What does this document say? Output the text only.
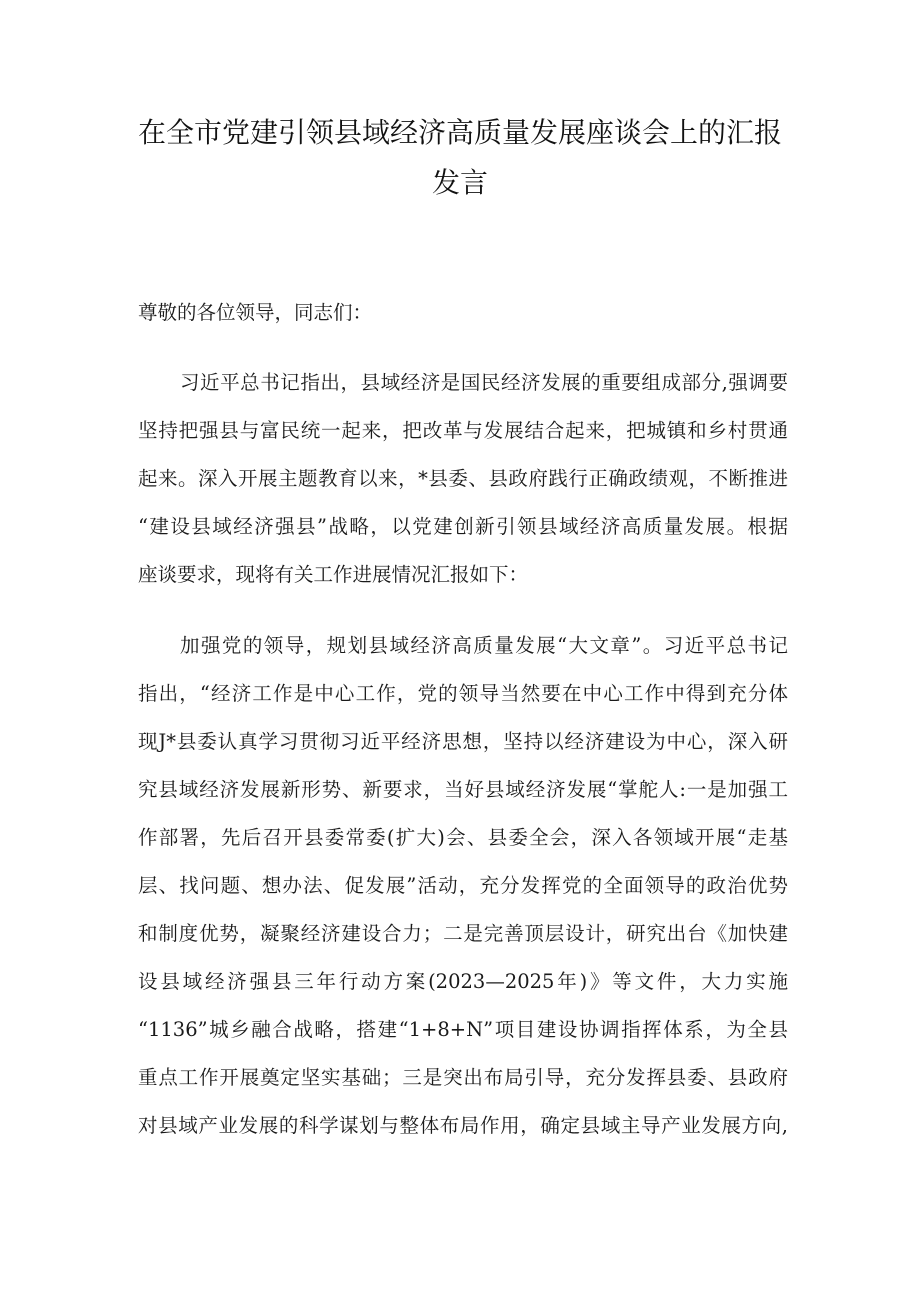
在全市党建引领县域经济高质量发展座谈会上的汇报
发言
尊敬的各位领导，同志们：
习近平总书记指出，县域经济是国民经济发展的重要组成部分,强调要
坚持把强县与富民统一起来，把改革与发展结合起来，把城镇和乡村贯通
起来。深入开展主题教育以来，*县委、县政府践行正确政绩观，不断推进
“建设县域经济强县”战略，以党建创新引领县域经济高质量发展。根据
座谈要求，现将有关工作进展情况汇报如下：
加强党的领导，规划县域经济高质量发展“大文章”。习近平总书记
指出，“经济工作是中心工作，党的领导当然要在中心工作中得到充分体
现J*县委认真学习贯彻习近平经济思想，坚持以经济建设为中心，深入研
究县域经济发展新形势、新要求，当好县域经济发展“掌舵人:一是加强工
作部署，先后召开县委常委(扩大)会、县委全会，深入各领域开展“走基
层、找问题、想办法、促发展”活动，充分发挥党的全面领导的政治优势
和制度优势，凝聚经济建设合力；二是完善顶层设计，研究出台《加快建
设县域经济强县三年行动方案(2023—2025年)》等文件，大力实施
“1136”城乡融合战略，搭建“1+8+N”项目建设协调指挥体系，为全县
重点工作开展奠定坚实基础；三是突出布局引导，充分发挥县委、县政府
对县域产业发展的科学谋划与整体布局作用，确定县域主导产业发展方向,
